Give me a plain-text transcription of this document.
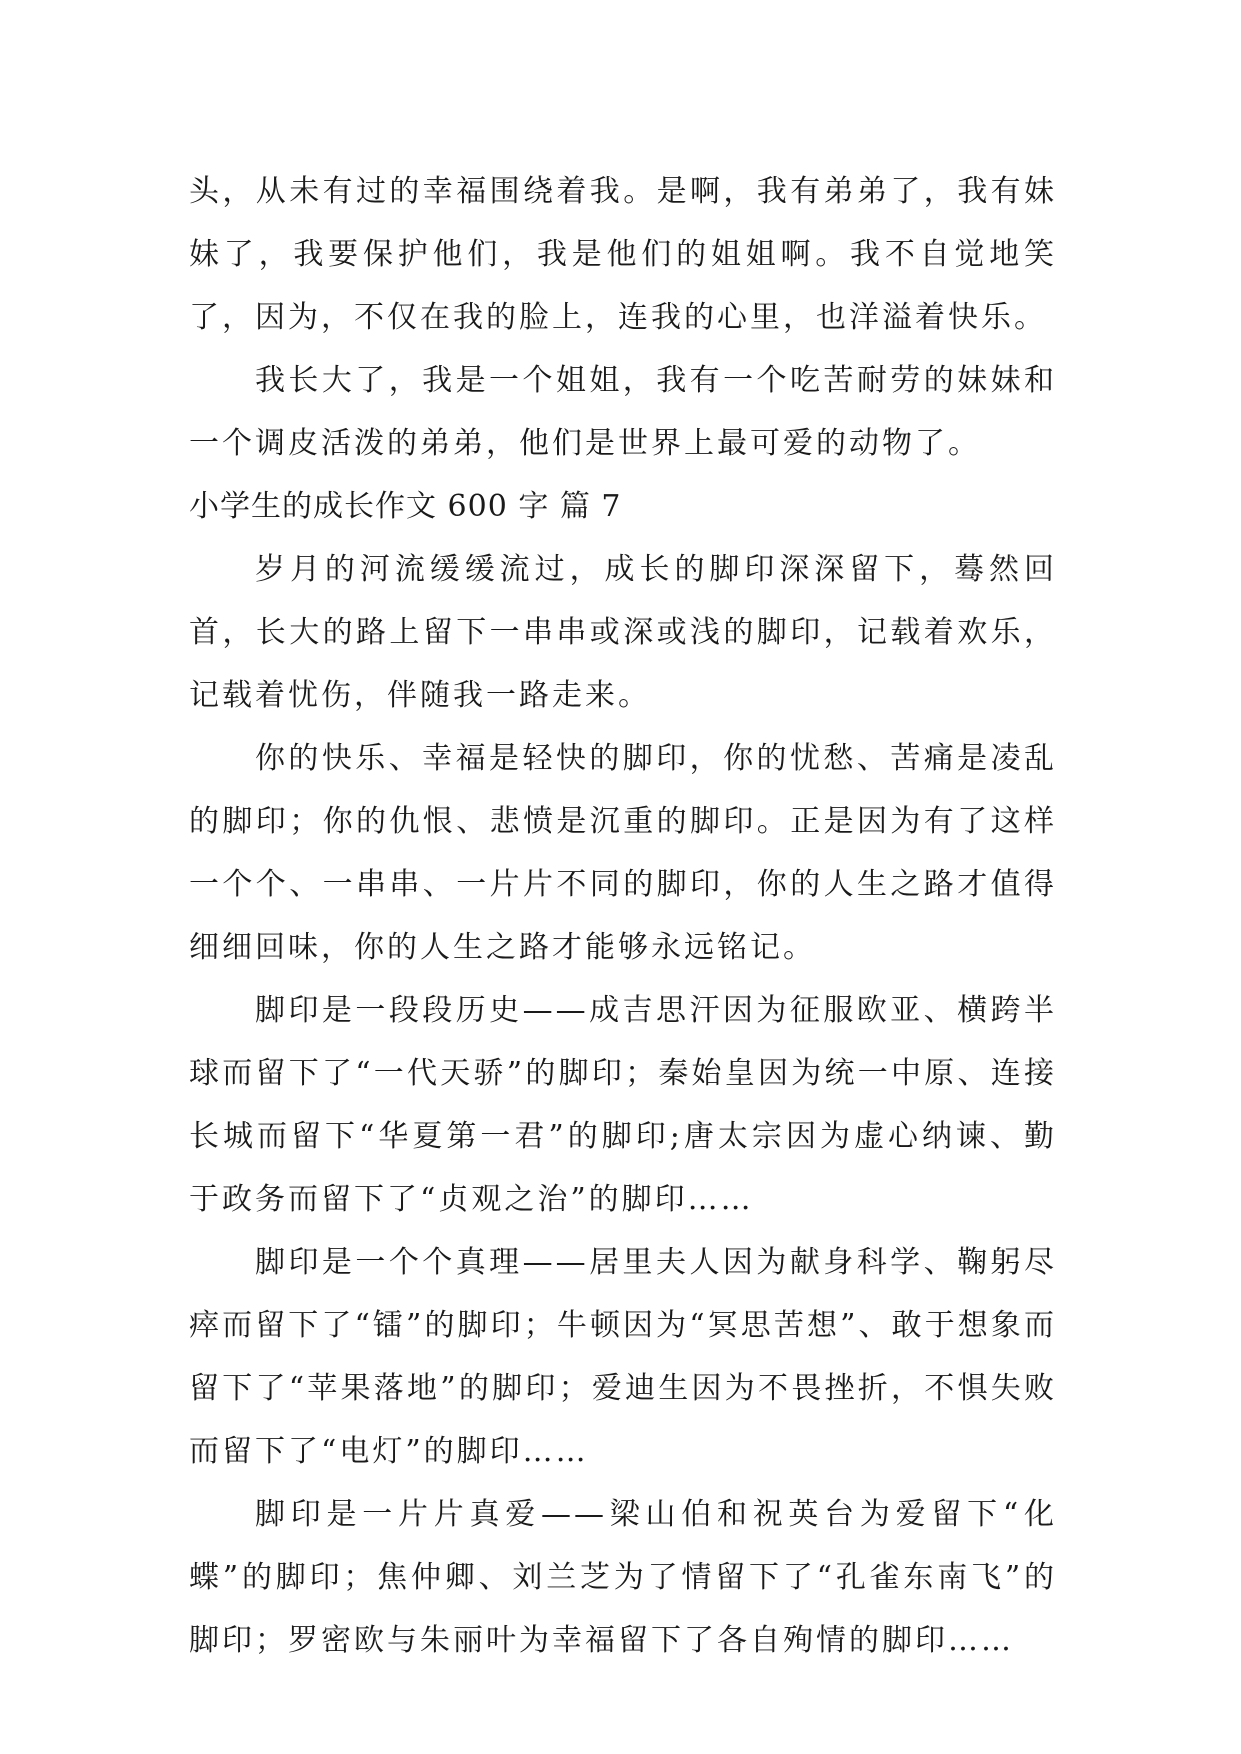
头，从未有过的幸福围绕着我。是啊，我有弟弟了，我有妹妹了，我要保护他们，我是他们的姐姐啊。我不自觉地笑了，因为，不仅在我的脸上，连我的心里，也洋溢着快乐。

我长大了，我是一个姐姐，我有一个吃苦耐劳的妹妹和一个调皮活泼的弟弟，他们是世界上最可爱的动物了。

小学生的成长作文 600 字 篇 7

岁月的河流缓缓流过，成长的脚印深深留下，蓦然回首，长大的路上留下一串串或深或浅的脚印，记载着欢乐，记载着忧伤，伴随我一路走来。

你的快乐、幸福是轻快的脚印，你的忧愁、苦痛是凌乱的脚印；你的仇恨、悲愤是沉重的脚印。正是因为有了这样一个个、一串串、一片片不同的脚印，你的人生之路才值得细细回味，你的人生之路才能够永远铭记。

脚印是一段段历史——成吉思汗因为征服欧亚、横跨半球而留下了“一代天骄”的脚印；秦始皇因为统一中原、连接长城而留下“华夏第一君”的脚印;唐太宗因为虚心纳谏、勤于政务而留下了“贞观之治”的脚印……

脚印是一个个真理——居里夫人因为献身科学、鞠躬尽瘁而留下了“镭”的脚印；牛顿因为“冥思苦想”、敢于想象而留下了“苹果落地”的脚印；爱迪生因为不畏挫折，不惧失败而留下了“电灯”的脚印……

脚印是一片片真爱——梁山伯和祝英台为爱留下“化蝶”的脚印；焦仲卿、刘兰芝为了情留下了“孔雀东南飞”的脚印；罗密欧与朱丽叶为幸福留下了各自殉情的脚印……
